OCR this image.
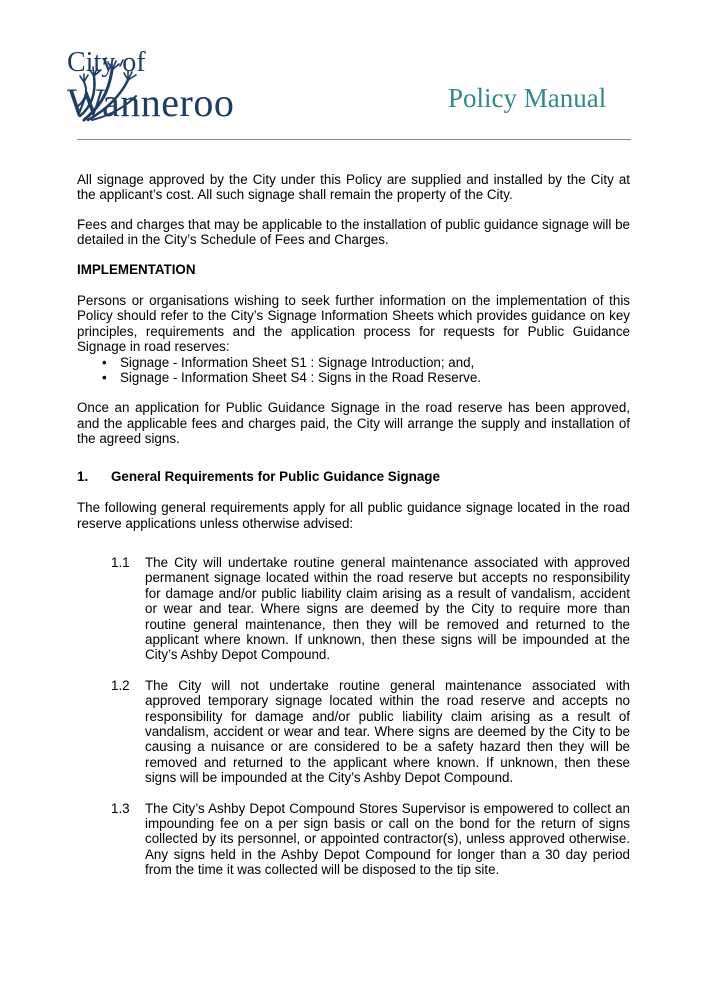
City of
Wanneroo	Policy Manual

All signage approved by the City under this Policy are supplied and installed by the City at the applicant’s cost. All such signage shall remain the property of the City.

Fees and charges that may be applicable to the installation of public guidance signage will be detailed in the City’s Schedule of Fees and Charges.

IMPLEMENTATION

Persons or organisations wishing to seek further information on the implementation of this Policy should refer to the City’s Signage Information Sheets which provides guidance on key principles, requirements and the application process for requests for Public Guidance Signage in road reserves:

• Signage - Information Sheet S1 : Signage Introduction; and,
• Signage - Information Sheet S4 : Signs in the Road Reserve.

Once an application for Public Guidance Signage in the road reserve has been approved, and the applicable fees and charges paid, the City will arrange the supply and installation of the agreed signs.

1.	General Requirements for Public Guidance Signage

The following general requirements apply for all public guidance signage located in the road reserve applications unless otherwise advised:

1.1	The City will undertake routine general maintenance associated with approved permanent signage located within the road reserve but accepts no responsibility for damage and/or public liability claim arising as a result of vandalism, accident or wear and tear. Where signs are deemed by the City to require more than routine general maintenance, then they will be removed and returned to the applicant where known. If unknown, then these signs will be impounded at the City’s Ashby Depot Compound.
1.2	The City will not undertake routine general maintenance associated with approved temporary signage located within the road reserve and accepts no responsibility for damage and/or public liability claim arising as a result of vandalism, accident or wear and tear. Where signs are deemed by the City to be causing a nuisance or are considered to be a safety hazard then they will be removed and returned to the applicant where known. If unknown, then these signs will be impounded at the City’s Ashby Depot Compound.
1.3	The City’s Ashby Depot Compound Stores Supervisor is empowered to collect an impounding fee on a per sign basis or call on the bond for the return of signs collected by its personnel, or appointed contractor(s), unless approved otherwise. Any signs held in the Ashby Depot Compound for longer than a 30 day period from the time it was collected will be disposed to the tip site.
